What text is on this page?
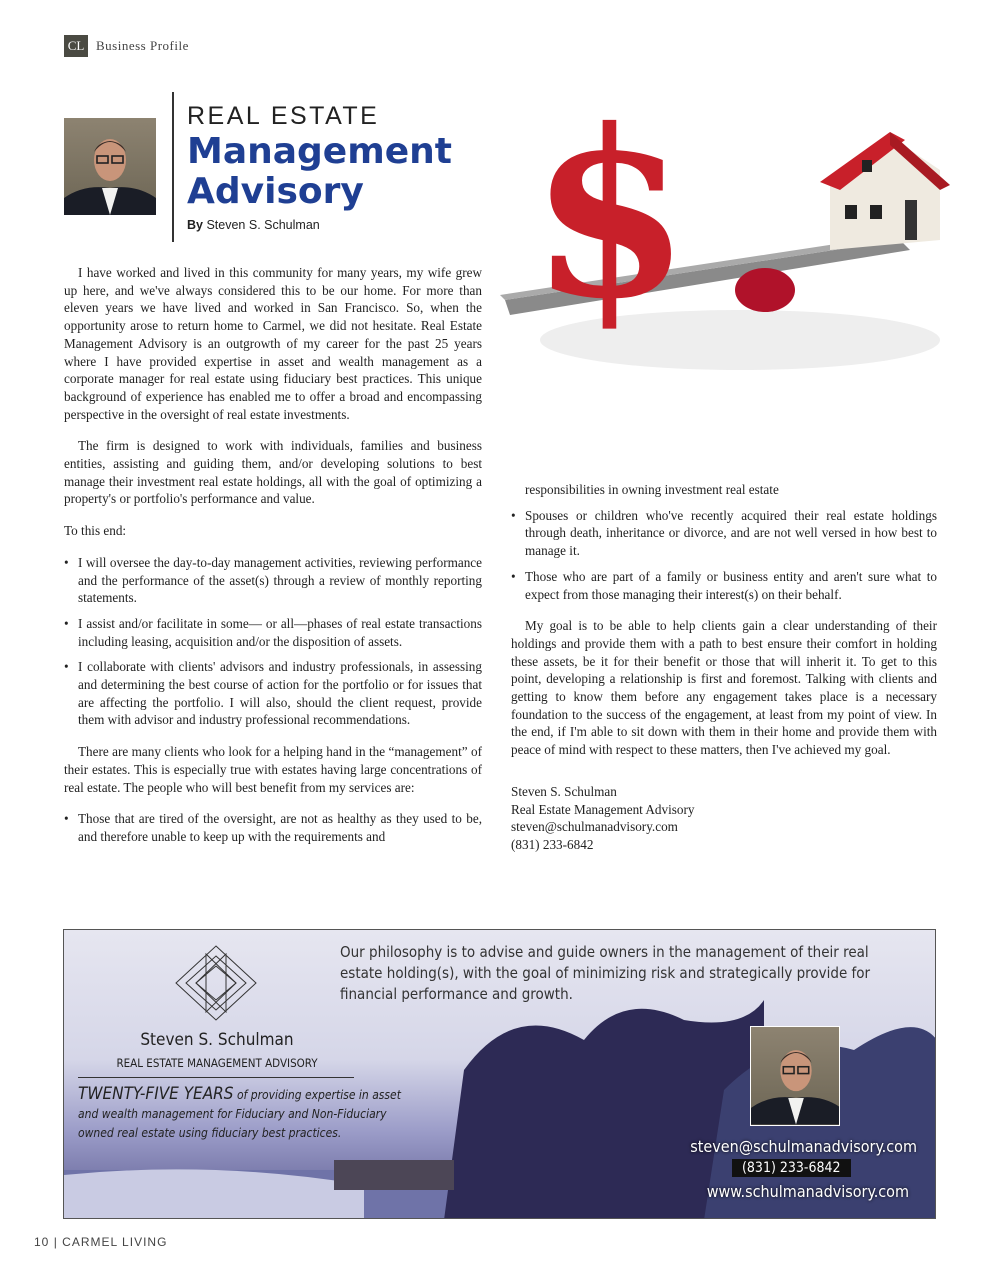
CL Business Profile
REAL ESTATE
Management
Advisory
By Steven S. Schulman $

I have worked and lived in this community for many years, my wife grew up here, and we've always considered this to be our home. For more than eleven years we have lived and worked in San Francisco. So, when the opportunity arose to return home to Carmel, we did not hesitate. Real Estate Management Advisory is an outgrowth of my career for the past 25 years where I have provided expertise in asset and wealth management as a corporate manager for real estate using fiduciary best practices. This unique background of experience has enabled me to offer a broad and encompassing perspective in the oversight of real estate investments.

The firm is designed to work with individuals, families and business entities, assisting and guiding them, and/or developing solutions to best manage their investment real estate holdings, all with the goal of optimizing a property's or portfolio's performance and value.

To this end:

• I will oversee the day-to-day management activities, reviewing performance and the performance of the asset(s) through a review of monthly reporting statements.
• I assist and/or facilitate in some— or all—phases of real estate transactions including leasing, acquisition and/or the disposition of assets.
• I collaborate with clients' advisors and industry professionals, in assessing and determining the best course of action for the portfolio or for issues that are affecting the portfolio. I will also, should the client request, provide them with advisor and industry professional recommendations.

There are many clients who look for a helping hand in the “management” of their estates. This is especially true with estates having large concentrations of real estate. The people who will best benefit from my services are:

• Those that are tired of the oversight, are not as healthy as they used to be, and therefore unable to keep up with the requirements and

responsibilities in owning investment real estate

• Spouses or children who've recently acquired their real estate holdings through death, inheritance or divorce, and are not well versed in how best to manage it.
• Those who are part of a family or business entity and aren't sure what to expect from those managing their interest(s) on their behalf.

My goal is to be able to help clients gain a clear understanding of their holdings and provide them with a path to best ensure their comfort in holding these assets, be it for their benefit or those that will inherit it. To get to this point, developing a relationship is first and foremost. Talking with clients and getting to know them before any engagement takes place is a necessary foundation to the success of the engagement, at least from my point of view. In the end, if I'm able to sit down with them in their home and provide them with peace of mind with respect to these matters, then I've achieved my goal.

Steven S. Schulman
Real Estate Management Advisory
steven@schulmanadvisory.com
(831) 233-6842
Steven S. Schulman
REAL ESTATE MANAGEMENT ADVISORY
TWENTY-FIVE YEARS of providing expertise in asset and wealth management for Fiduciary and Non-Fiduciary owned real estate using fiduciary best practices.
Our philosophy is to advise and guide owners in the management of their real estate holding(s), with the goal of minimizing risk and strategically provide for financial performance and growth.
steven@schulmanadvisory.com
(831) 233-6842
www.schulmanadvisory.com
10 | CARMEL LIVING
